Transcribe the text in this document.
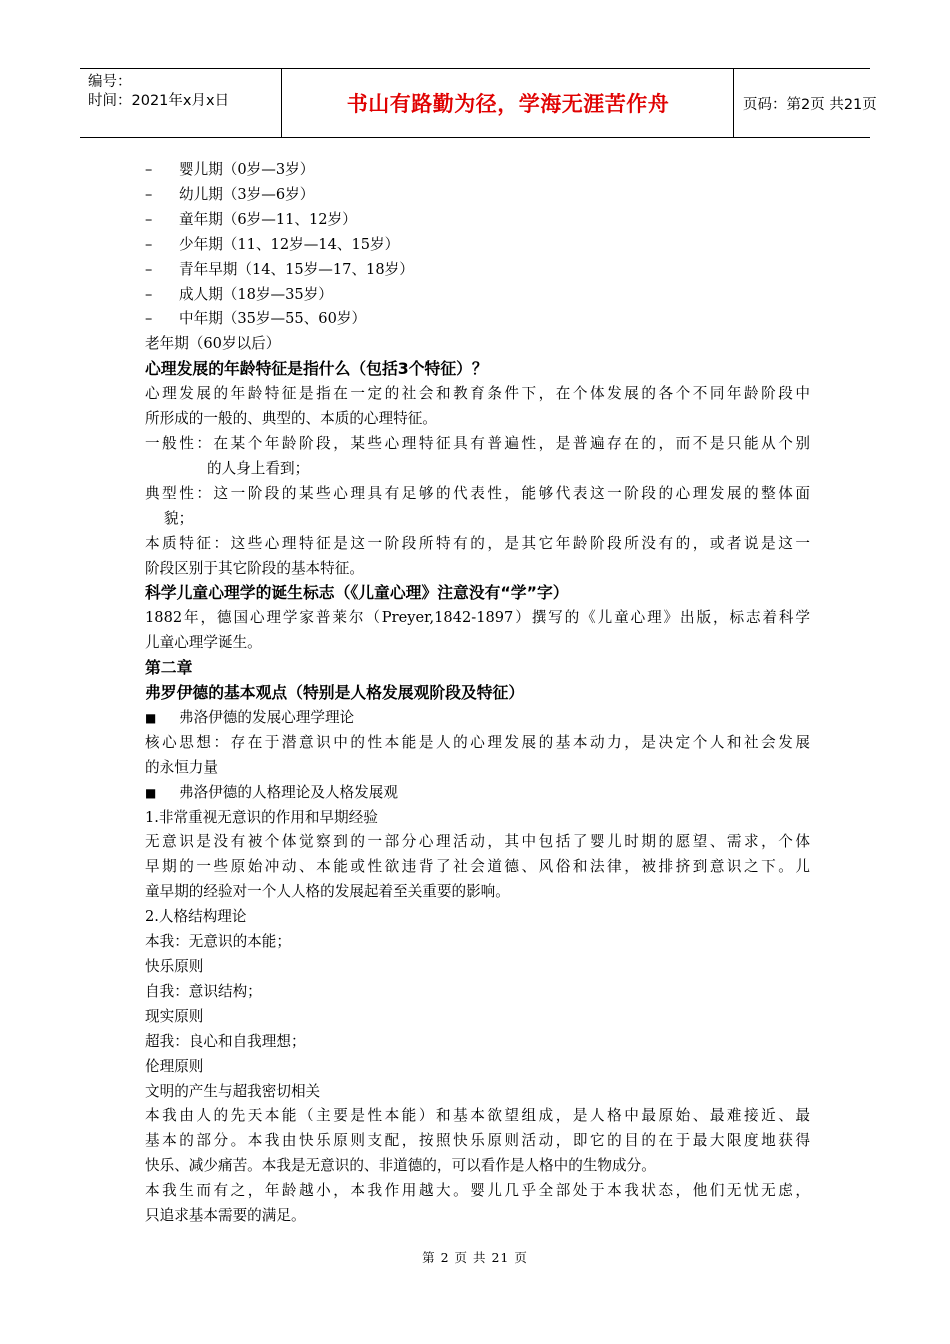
编号：
时间：2021年x月x日	书山有路勤为径，学海无涯苦作舟	页码：第2页 共21页
– 婴儿期（0岁—3岁）
– 幼儿期（3岁—6岁）
– 童年期（6岁—11、12岁）
– 少年期（11、12岁—14、15岁）
– 青年早期（14、15岁—17、18岁）
– 成人期（18岁—35岁）
– 中年期（35岁—55、60岁）
老年期（60岁以后）
心理发展的年龄特征是指什么（包括3个特征）？
心理发展的年龄特征是指在一定的社会和教育条件下，在个体发展的各个不同年龄阶段中
所形成的一般的、典型的、本质的心理特征。
一般性：在某个年龄阶段，某些心理特征具有普遍性，是普遍存在的，而不是只能从个别
的人身上看到；
典型性：这一阶段的某些心理具有足够的代表性，能够代表这一阶段的心理发展的整体面
貌；
本质特征：这些心理特征是这一阶段所特有的，是其它年龄阶段所没有的，或者说是这一
阶段区别于其它阶段的基本特征。
科学儿童心理学的诞生标志（《儿童心理》注意没有“学”字）
1882年，德国心理学家普莱尔（Preyer,1842-1897）撰写的《儿童心理》出版，标志着科学
儿童心理学诞生。
第二章
弗罗伊德的基本观点（特别是人格发展观阶段及特征）
■ 弗洛伊德的发展心理学理论
核心思想：存在于潜意识中的性本能是人的心理发展的基本动力，是决定个人和社会发展
的永恒力量
■ 弗洛伊德的人格理论及人格发展观
1.非常重视无意识的作用和早期经验
无意识是没有被个体觉察到的一部分心理活动，其中包括了婴儿时期的愿望、需求，个体
早期的一些原始冲动、本能或性欲违背了社会道德、风俗和法律，被排挤到意识之下。儿
童早期的经验对一个人人格的发展起着至关重要的影响。
2.人格结构理论
本我：无意识的本能；
快乐原则
自我：意识结构；
现实原则
超我：良心和自我理想；
伦理原则
文明的产生与超我密切相关
本我由人的先天本能（主要是性本能）和基本欲望组成，是人格中最原始、最难接近、最
基本的部分。本我由快乐原则支配，按照快乐原则活动，即它的目的在于最大限度地获得
快乐、减少痛苦。本我是无意识的、非道德的，可以看作是人格中的生物成分。
本我生而有之，年龄越小，本我作用越大。婴儿几乎全部处于本我状态，他们无忧无虑，
只追求基本需要的满足。
第 2 页 共 21 页
